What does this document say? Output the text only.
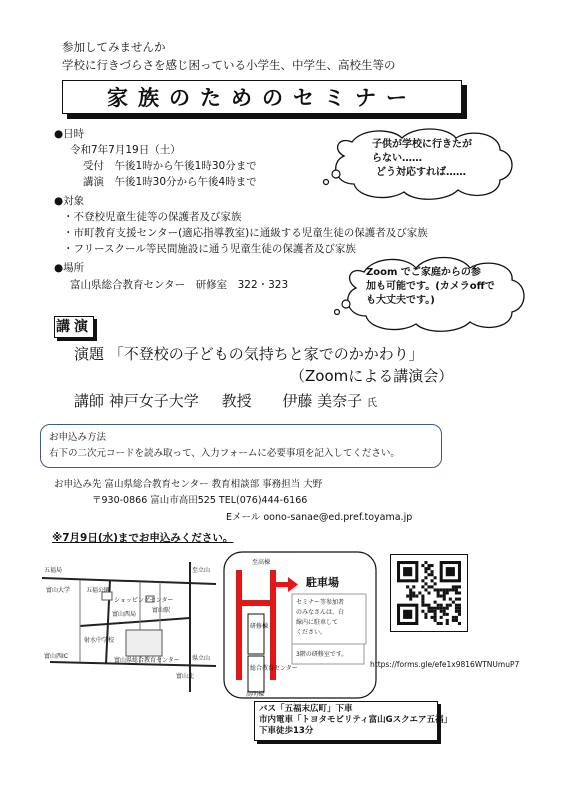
参加してみませんか
学校に行きづらさを感じ困っている小学生、中学生、高校生等の
家族のためのセミナー
●日時
令和7年7月19日（土）
受付　午後1時から午後1時30分まで
講演　午後1時30分から午後4時まで
●対象
・不登校児童生徒等の保護者及び家族
・市町教育支援センター(適応指導教室)に通級する児童生徒の保護者及び家族
・フリースクール等民間施設に通う児童生徒の保護者及び家族
●場所
富山県総合教育センター　研修室　322・323
子供が学校に行きたが
らない……
どう対応すれば……
Zoom でご家庭からの参
加も可能です。(カメラoffで
も大丈夫です。)
講演
演題 「不登校の子どもの気持ちと家でのかかわり」
（Zoomによる講演会）
講師 神戸女子大学 教授 伊藤 美奈子 氏
お申込み方法
右下の二次元コードを読み取って、入力フォームに必要事項を記入してください。
お申込み先 富山県総合教育センター 教育相談部 事務担当 大野
〒930-0866 富山市高田525 TEL(076)444-6166
Eメール oono-sanae@ed.pref.toyama.jp
※7月9日(水)までお申込みください。
五福局
富山大学	五福公園
ショッピングセンター
富山西局
富山駅
射水中学校
富山西IC
富山県総合教育センター
富山北
県立山
至立山
至高棟
高明棟
駐車場
セミナー等参加者
のみなさんは、白
線内に駐車して
ください。
3階の研修室です。
研修棟
総合教育センター	https://forms.gle/efe1x9816WTNUmuP7
バス「五福末広町」下車
市内電車「トヨタモビリティ富山Gスクエア五福」
下車徒歩13分
